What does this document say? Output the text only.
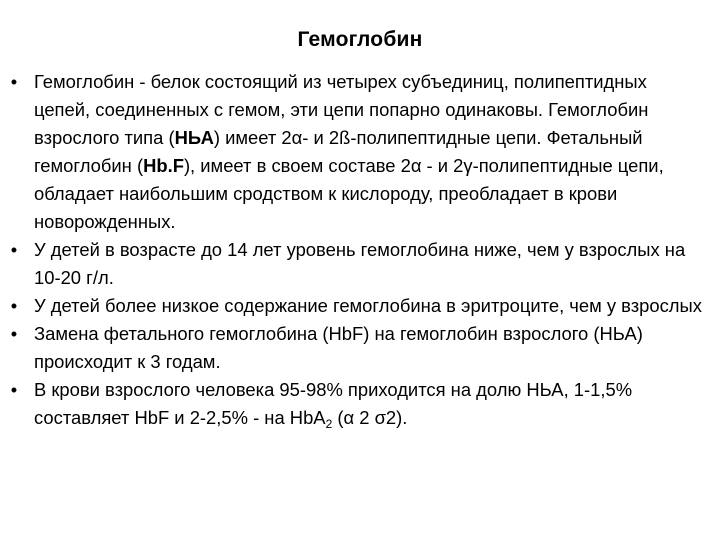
Гемоглобин
• Гемоглобин - белок состоящий из четырех субъединиц, полипептидных цепей, соединенных с гемом, эти цепи попарно одинаковы. Гемоглобин взрослого типа (НЬА) имеет 2α- и 2ß-полипептидные цепи. Фетальный гемоглобин (Hb.F), имеет в своем составе 2α - и 2γ-полипептидные цепи, обладает наибольшим сродством к кислороду, преобладает в крови новорожденных.
• У детей в возрасте до 14 лет уровень гемоглобина ниже, чем у взрослых на 10-20 г/л.
• У детей более низкое содержание гемоглобина в эритроците, чем у взрослых
• Замена фетального гемоглобина (HbF) на гемоглобин взрослого (НЬА) происходит к 3 годам.
• В крови взрослого человека 95-98% приходится на долю НЬА, 1-1,5% составляет HbF и 2-2,5% - на HbA$_2$ (α 2 σ2).
